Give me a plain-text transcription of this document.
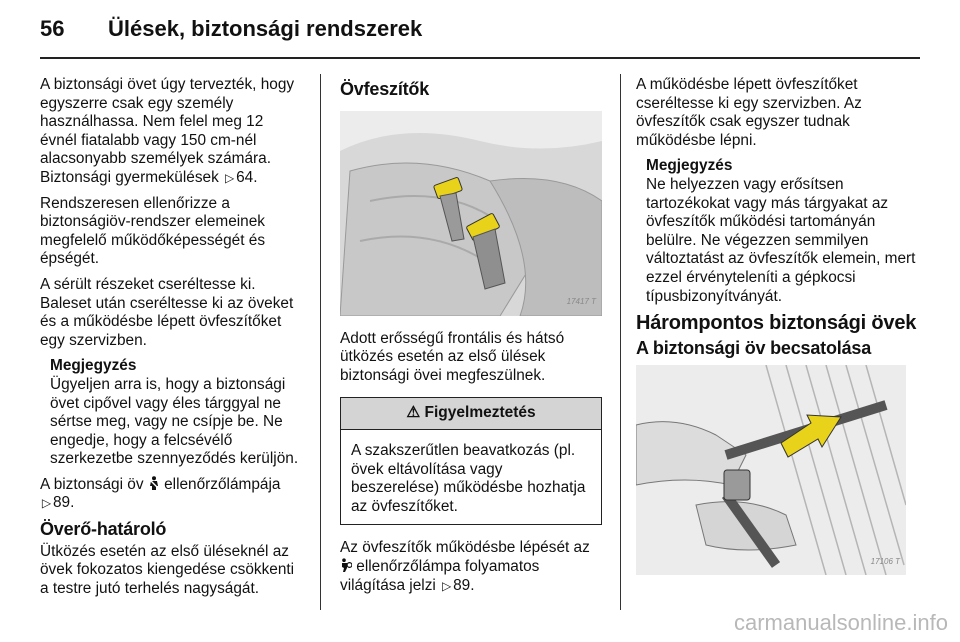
56	Ülések, biztonsági rendszerek

A biztonsági övet úgy tervezték, hogy egyszerre csak egy személy használhassa. Nem felel meg 12 évnél fiatalabb vagy 150 cm-nél alacsonyabb személyek számára. Biztonsági gyermekülések ▷ 64.

Rendszeresen ellenőrizze a biztonságiöv-rendszer elemeinek megfelelő működőképességét és épségét.

A sérült részeket cseréltesse ki. Baleset után cseréltesse ki az öveket és a működésbe lépett övfeszítőket egy szervizben.

Megjegyzés
Ügyeljen arra is, hogy a biztonsági övet cipővel vagy éles tárggyal ne sértse meg, vagy ne csípje be. Ne engedje, hogy a felcsévélő szerkezetbe szennyeződés kerüljön.

A biztonsági öv ellenőrzőlámpája
▷ 89.

Överő-határoló

Ütközés esetén az első üléseknél az övek fokozatos kiengedése csökkenti a testre jutó terhelés nagyságát.

Övfeszítők
17417 T

Adott erősségű frontális és hátsó ütközés esetén az első ülések biztonsági övei megfeszülnek.

⚠ Figyelmeztetés
A szakszerűtlen beavatkozás (pl. övek eltávolítása vagy beszerelése) működésbe hozhatja az övfeszítőket.

Az övfeszítők működésbe lépését az
ellenőrzőlámpa folyamatos világítása jelzi ▷ 89.

A működésbe lépett övfeszítőket cseréltesse ki egy szervizben. Az övfeszítők csak egyszer tudnak működésbe lépni.

Megjegyzés
Ne helyezzen vagy erősítsen tartozékokat vagy más tárgyakat az övfeszítők működési tartományán belülre. Ne végezzen semmilyen változtatást az övfeszítők elemein, mert ezzel érvényteleníti a gépkocsi típusbizonyítványát.
Hárompontos biztonsági övek
A biztonsági öv becsatolása
17106 T
carmanualsonline.info
